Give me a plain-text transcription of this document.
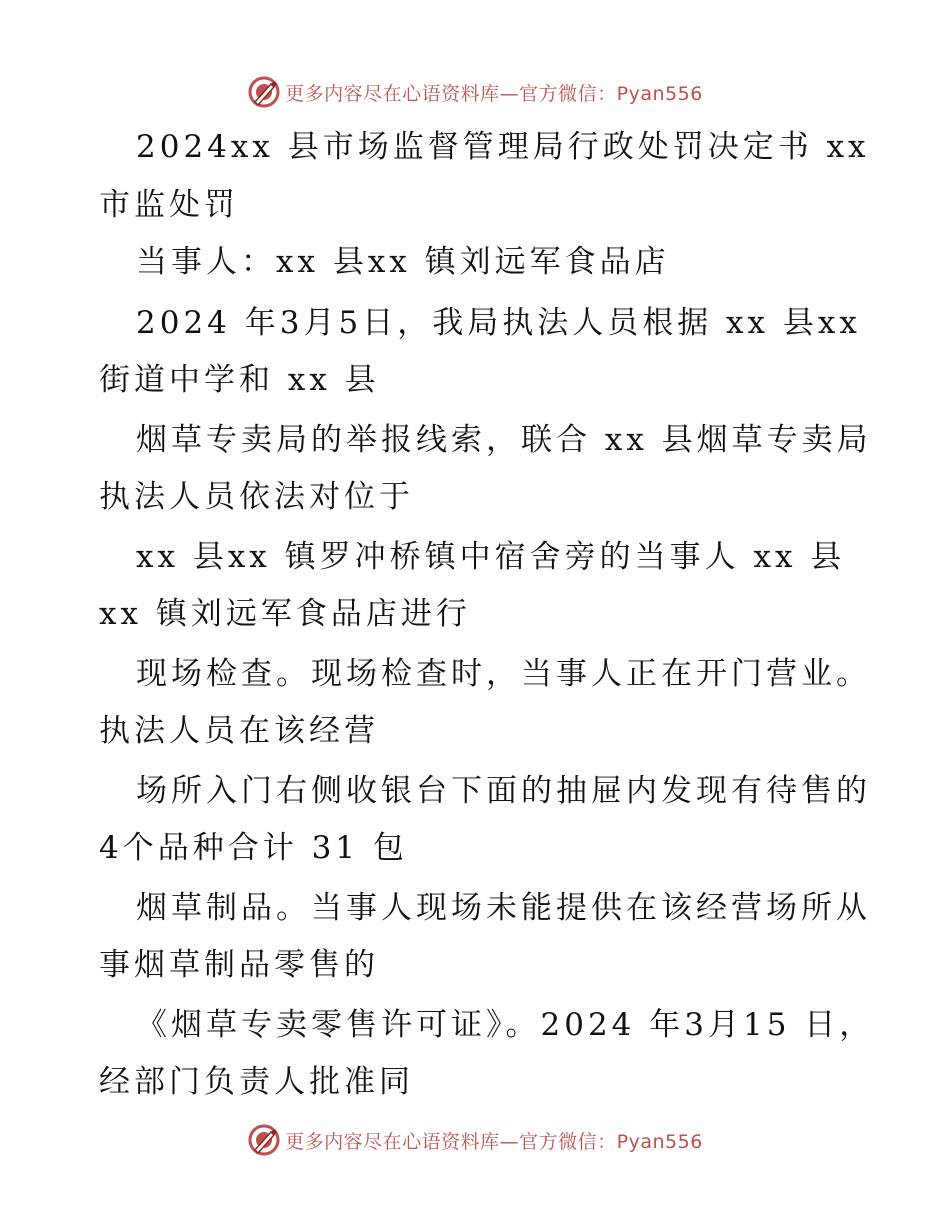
更多内容尽在心语资料库—官方微信：Pyan556
2024xx 县市场监督管理局行政处罚决定书 xx
市监处罚
当事人：xx 县xx 镇刘远军食品店
2024 年3月5日，我局执法人员根据 xx 县xx
街道中学和 xx 县
烟草专卖局的举报线索，联合 xx 县烟草专卖局
执法人员依法对位于
xx 县xx 镇罗冲桥镇中宿舍旁的当事人 xx 县
xx 镇刘远军食品店进行
现场检查。现场检查时，当事人正在开门营业。
执法人员在该经营
场所入门右侧收银台下面的抽屉内发现有待售的
4个品种合计 31 包
烟草制品。当事人现场未能提供在该经营场所从
事烟草制品零售的
《烟草专卖零售许可证》。2024 年3月15 日，
经部门负责人批准同
更多内容尽在心语资料库—官方微信：Pyan556
